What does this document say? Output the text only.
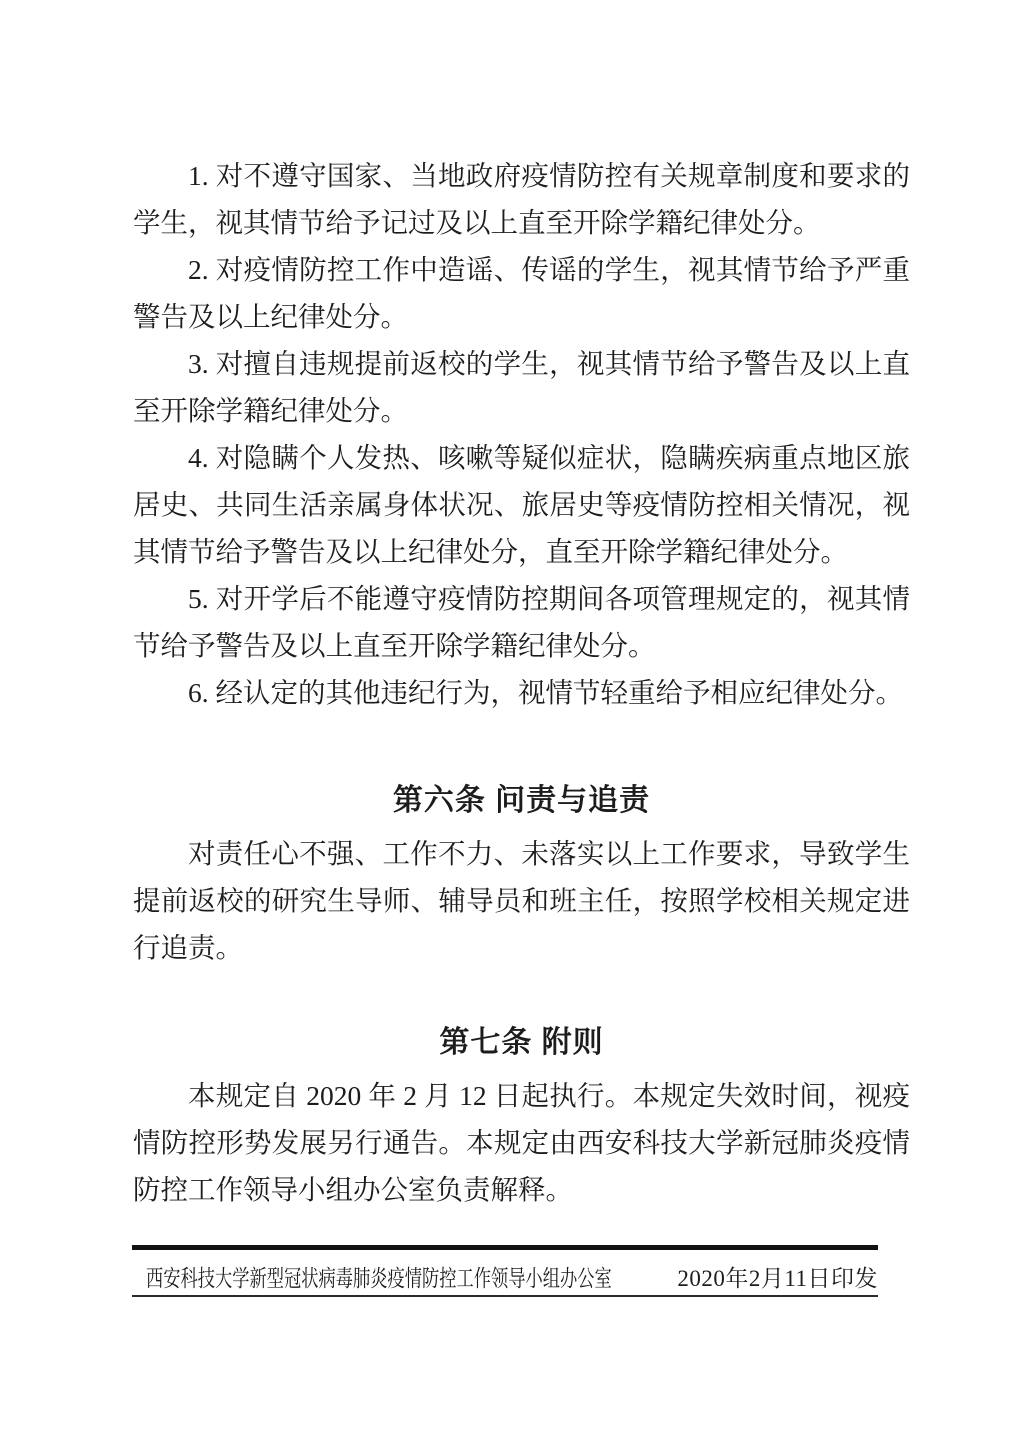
1. 对不遵守国家、当地政府疫情防控有关规章制度和要求的学生，视其情节给予记过及以上直至开除学籍纪律处分。

2. 对疫情防控工作中造谣、传谣的学生，视其情节给予严重警告及以上纪律处分。

3. 对擅自违规提前返校的学生，视其情节给予警告及以上直至开除学籍纪律处分。

4. 对隐瞒个人发热、咳嗽等疑似症状，隐瞒疾病重点地区旅居史、共同生活亲属身体状况、旅居史等疫情防控相关情况，视其情节给予警告及以上纪律处分，直至开除学籍纪律处分。

5. 对开学后不能遵守疫情防控期间各项管理规定的，视其情节给予警告及以上直至开除学籍纪律处分。

6. 经认定的其他违纪行为，视情节轻重给予相应纪律处分。

第六条 问责与追责

对责任心不强、工作不力、未落实以上工作要求，导致学生提前返校的研究生导师、辅导员和班主任，按照学校相关规定进行追责。

第七条 附则

本规定自 2020 年 2 月 12 日起执行。本规定失效时间，视疫情防控形势发展另行通告。本规定由西安科技大学新冠肺炎疫情防控工作领导小组办公室负责解释。

西安科技大学新型冠状病毒肺炎疫情防控工作领导小组办公室	2020年2月11日印发
